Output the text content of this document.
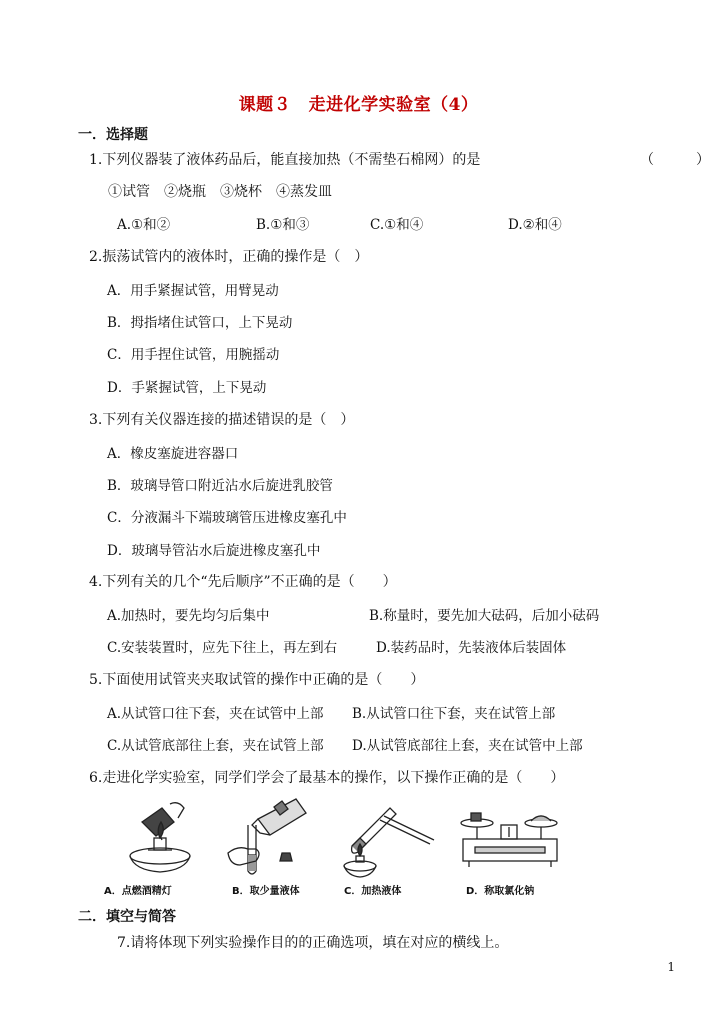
课题３　走进化学实验室（4）
一．选择题
1.下列仪器装了液体药品后，能直接加热（不需垫石棉网）的是	（　　　）
①试管　②烧瓶　③烧杯　④蒸发皿
A.①和②	B.①和③	C.①和④	D.②和④
2.振荡试管内的液体时，正确的操作是（　）
A．用手紧握试管，用臂晃动
B．拇指堵住试管口，上下晃动
C．用手捏住试管，用腕摇动
D．手紧握试管，上下晃动
3.下列有关仪器连接的描述错误的是（　）
A．橡皮塞旋进容器口
B．玻璃导管口附近沾水后旋进乳胶管
C．分液漏斗下端玻璃管压进橡皮塞孔中
D．玻璃导管沾水后旋进橡皮塞孔中
4.下列有关的几个“先后顺序”不正确的是（　　）
A.加热时，要先均匀后集中	B.称量时，要先加大砝码，后加小砝码
C.安装装置时，应先下往上，再左到右	D.装药品时，先装液体后装固体
5.下面使用试管夹夹取试管的操作中正确的是（　　）
A.从试管口往下套，夹在试管中上部 B.从试管口往下套，夹在试管上部
C.从试管底部往上套，夹在试管上部 D.从试管底部往上套，夹在试管中上部
6.走进化学实验室，同学们学会了最基本的操作，以下操作正确的是（　　）
A．点燃酒精灯	B．取少量液体	C．加热液体	D．称取氯化钠
二．填空与简答
7.请将体现下列实验操作目的的正确选项，填在对应的横线上。
1
